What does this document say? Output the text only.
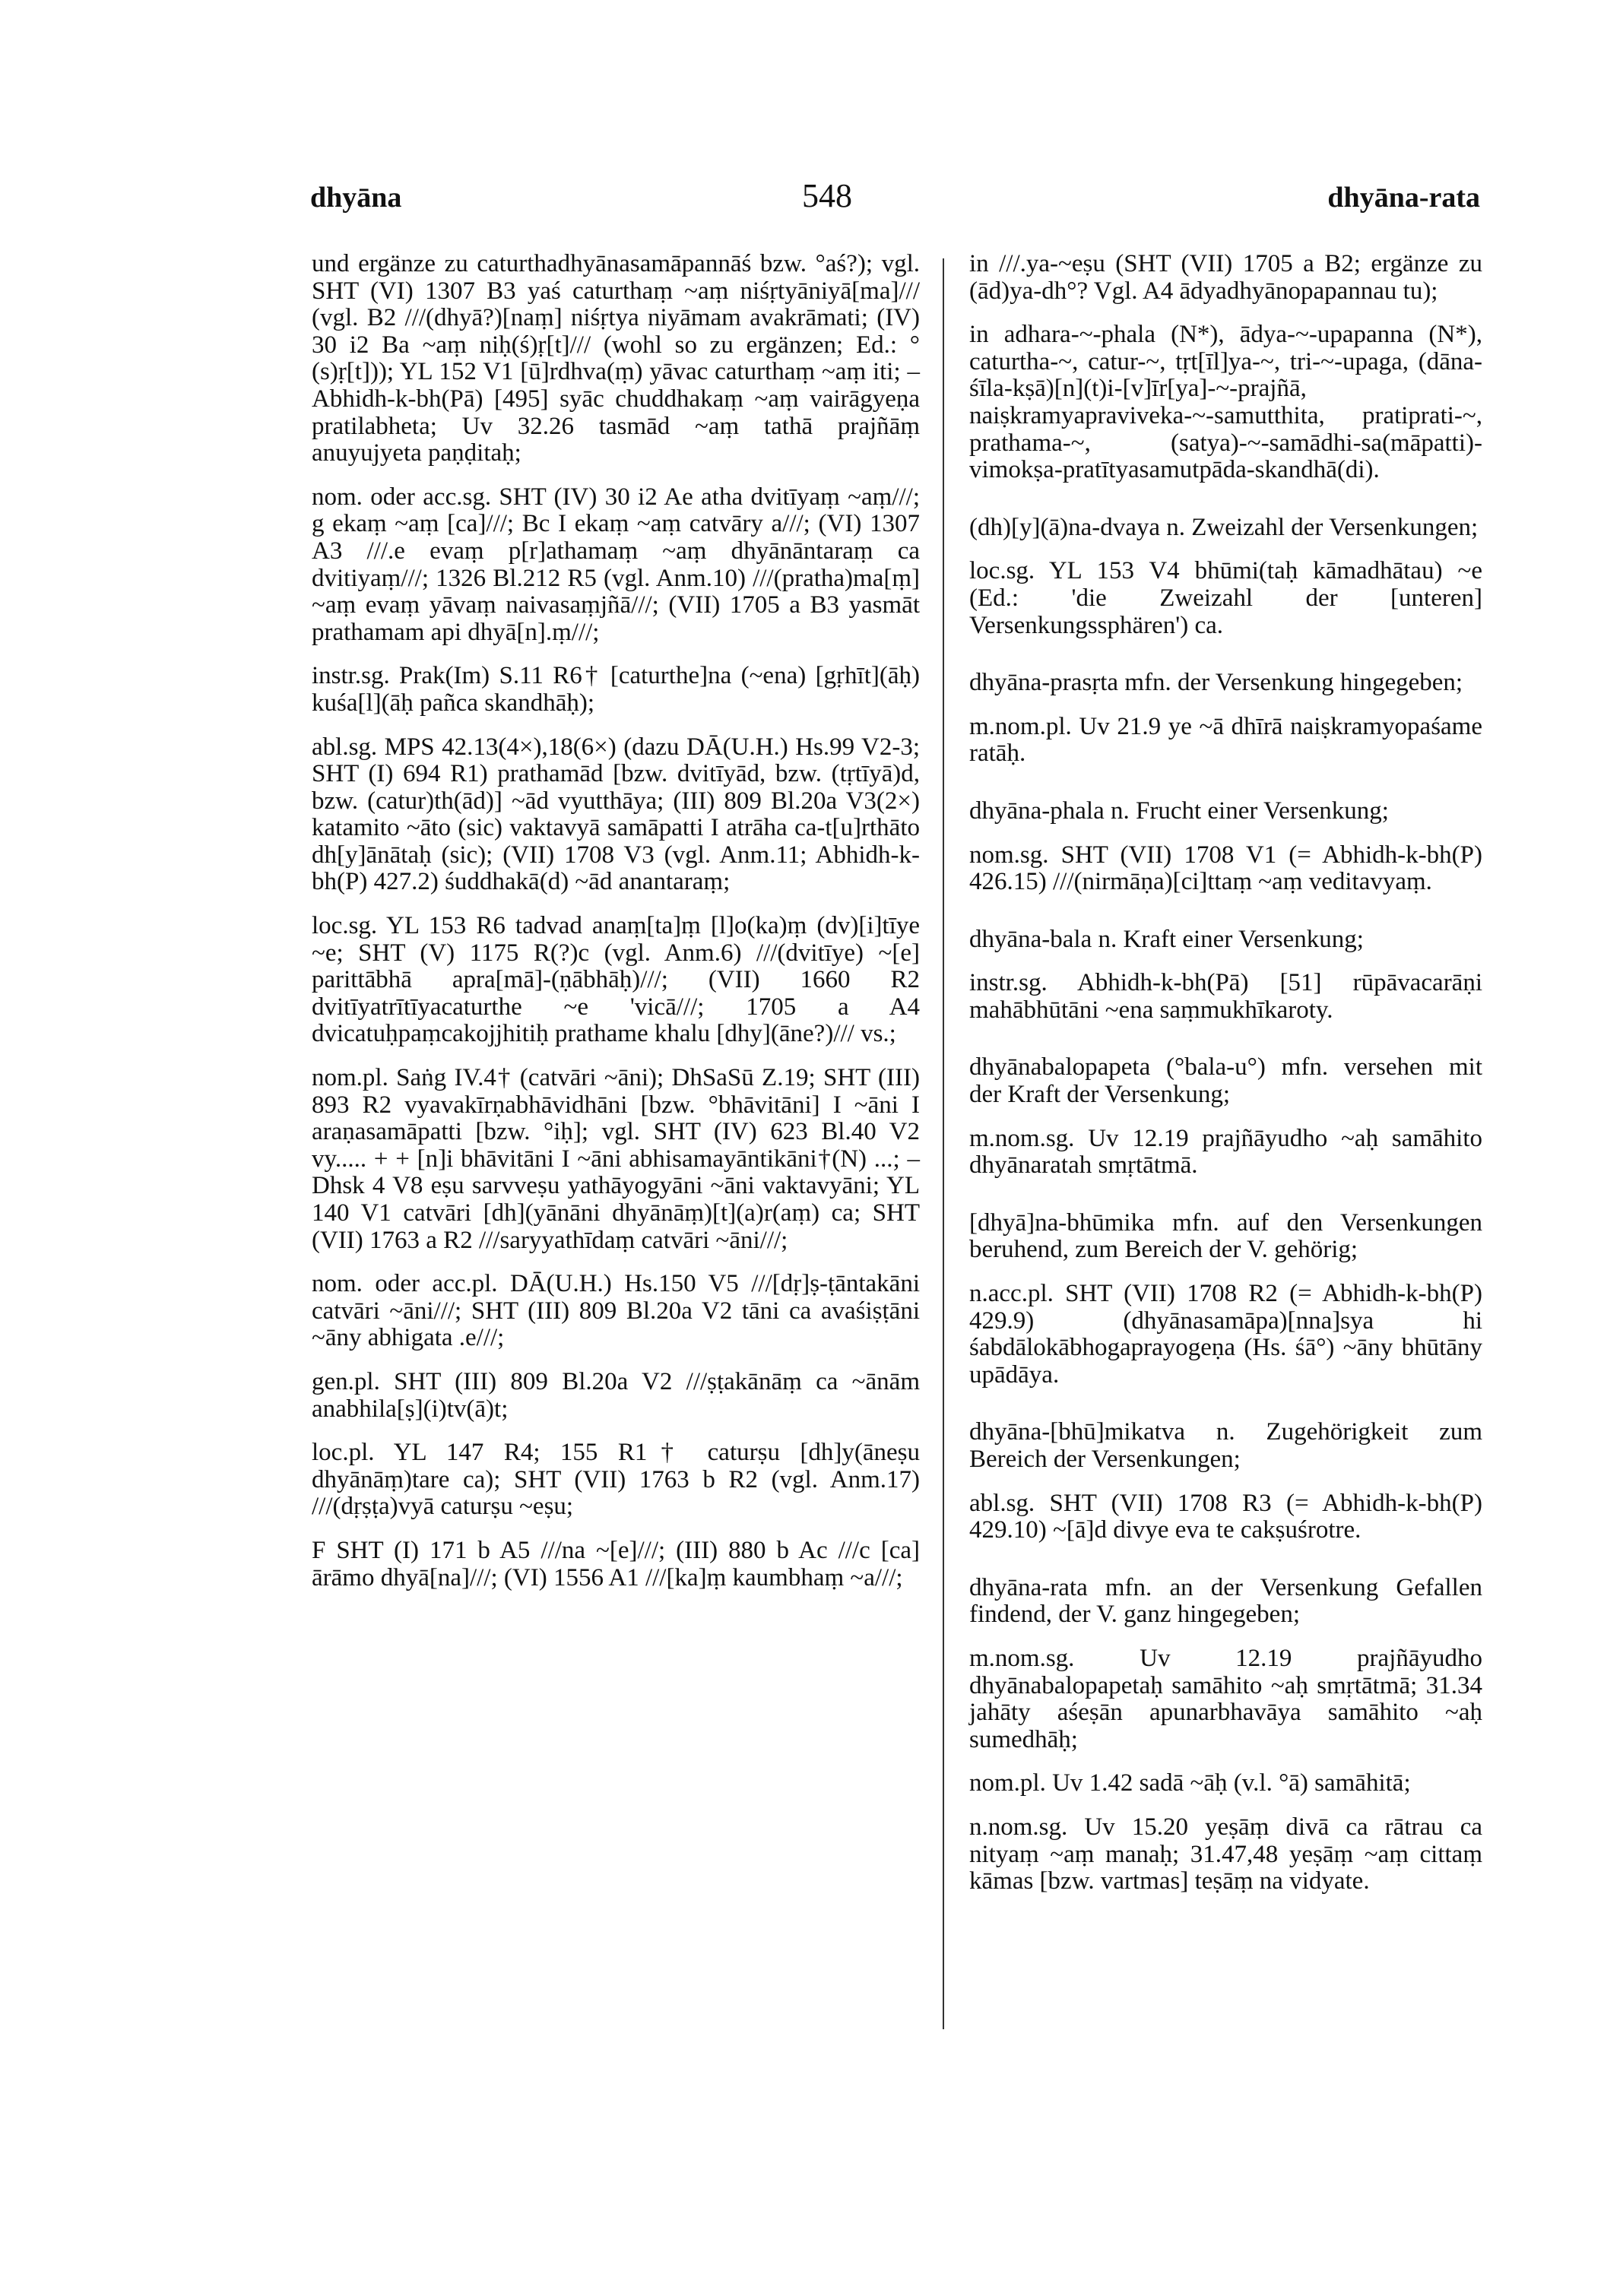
dhyāna	548	dhyāna-rata

und ergänze zu caturthadhyānasamāpannāś bzw. °aś?); vgl. SHT (VI) 1307 B3 yaś caturthaṃ ~aṃ niśṛtyāniyā[ma]/// (vgl. B2 ///(dhyā?)[naṃ] niśṛtya niyāmam avakrāmati; (IV) 30 i2 Ba ~aṃ niḥ(ś)ṛ[t]/// (wohl so zu ergänzen; Ed.: °(s)ṛ[t])); YL 152 V1 [ū]rdhva(ṃ) yāvac caturthaṃ ~aṃ iti; – Abhidh-k-bh(Pā) [495] syāc chuddhakaṃ ~aṃ vairāgyeṇa pratilabheta; Uv 32.26 tasmād ~aṃ tathā prajñāṃ anuyujyeta paṇḍitaḥ;

nom. oder acc.sg. SHT (IV) 30 i2 Ae atha dvitīyaṃ ~aṃ///; g ekaṃ ~aṃ [ca]///; Bc I ekaṃ ~aṃ catvāry a///; (VI) 1307 A3 ///.e evaṃ p[r]athamaṃ ~aṃ dhyānāntaraṃ ca dvitiyaṃ///; 1326 Bl.212 R5 (vgl. Anm.10) ///(pratha)ma[ṃ] ~aṃ evaṃ yāvaṃ naivasaṃjñā///; (VII) 1705 a B3 yasmāt prathamam api dhyā[n].ṃ///;

instr.sg. Prak(Im) S.11 R6† [caturthe]na (~ena) [gṛhīt](āḥ) kuśa[l](āḥ pañca skandhāḥ);

abl.sg. MPS 42.13(4×),18(6×) (dazu DĀ(U.H.) Hs.99 V2-3; SHT (I) 694 R1) prathamād [bzw. dvitīyād, bzw. (tṛtīyā)d, bzw. (catur)th(ād)] ~ād vyutthāya; (III) 809 Bl.20a V3(2×) katamito ~āto (sic) vaktavyā samāpatti I atrāha ca-t[u]rthāto dh[y]ānātaḥ (sic); (VII) 1708 V3 (vgl. Anm.11; Abhidh-k-bh(P) 427.2) śuddhakā(d) ~ād anantaraṃ;

loc.sg. YL 153 R6 tadvad anaṃ[ta]ṃ [l]o(ka)ṃ (dv)[i]tīye ~e; SHT (V) 1175 R(?)c (vgl. Anm.6) ///(dvitīye) ~[e] parittābhā apra[mā]-(ṇābhāḥ)///; (VII) 1660 R2 dvitīyatrītīyacaturthe ~e 'vicā///; 1705 a A4 dvicatuḥpaṃcakojjhitiḥ prathame khalu [dhy](āne?)/// vs.;

nom.pl. Saṅg IV.4† (catvāri ~āni); DhSaSū Z.19; SHT (III) 893 R2 vyavakīrṇabhāvidhāni [bzw. °bhāvitāni] I ~āni I araṇasamāpatti [bzw. °iḥ]; vgl. SHT (IV) 623 Bl.40 V2 vy..... + + [n]i bhāvitāni I ~āni abhisamayāntikāni†(N) ...; – Dhsk 4 V8 eṣu sarvveṣu yathāyogyāni ~āni vaktavyāni; YL 140 V1 catvāri [dh](yānāni dhyānāṃ)[t](a)r(aṃ) ca; SHT (VII) 1763 a R2 ///saryyathīdaṃ catvāri ~āni///;

nom. oder acc.pl. DĀ(U.H.) Hs.150 V5 ///[dṛ]ṣ-ṭāntakāni catvāri ~āni///; SHT (III) 809 Bl.20a V2 tāni ca avaśiṣṭāni ~āny abhigata .e///;

gen.pl. SHT (III) 809 Bl.20a V2 ///ṣṭakānāṃ ca ~ānām anabhila[ṣ](i)tv(ā)t;

loc.pl. YL 147 R4; 155 R1† caturṣu [dh]y(āneṣu dhyānāṃ)tare ca); SHT (VII) 1763 b R2 (vgl. Anm.17) ///(dṛṣṭa)vyā caturṣu ~eṣu;

F SHT (I) 171 b A5 ///na ~[e]///; (III) 880 b Ac ///c [ca] ārāmo dhyā[na]///; (VI) 1556 A1 ///[ka]ṃ kaumbhaṃ ~a///;

in ///.ya-~eṣu (SHT (VII) 1705 a B2; ergänze zu (ād)ya-dh°? Vgl. A4 ādyadhyānopapannau tu);

in adhara-~-phala (N*), ādya-~-upapanna (N*), caturtha-~, catur-~, tṛt[īl]ya-~, tri-~-upaga, (dāna-śīla-kṣā)[n](t)i-[v]īr[ya]-~-prajñā, naiṣkramyapraviveka-~-samutthita, pratiprati-~, prathama-~, (satya)-~-samādhi-sa(māpatti)-vimokṣa-pratītyasamutpāda-skandhā(di).

(dh)[y](ā)na-dvaya n. Zweizahl der Versenkungen;

loc.sg. YL 153 V4 bhūmi(taḥ kāmadhātau) ~e (Ed.: 'die Zweizahl der [unteren] Versenkungssphären') ca.

dhyāna-prasṛta mfn. der Versenkung hingegeben;

m.nom.pl. Uv 21.9 ye ~ā dhīrā naiṣkramyopaśame ratāḥ.

dhyāna-phala n. Frucht einer Versenkung;

nom.sg. SHT (VII) 1708 V1 (= Abhidh-k-bh(P) 426.15) ///(nirmāṇa)[ci]ttaṃ ~aṃ veditavyaṃ.

dhyāna-bala n. Kraft einer Versenkung;

instr.sg. Abhidh-k-bh(Pā) [51] rūpāvacarāṇi mahābhūtāni ~ena saṃmukhīkaroty.

dhyānabalopapeta (°bala-u°) mfn. versehen mit der Kraft der Versenkung;

m.nom.sg. Uv 12.19 prajñāyudho ~aḥ samāhito dhyānaratah smṛtātmā.

[dhyā]na-bhūmika mfn. auf den Versenkungen beruhend, zum Bereich der V. gehörig;

n.acc.pl. SHT (VII) 1708 R2 (= Abhidh-k-bh(P) 429.9) (dhyānasamāpa)[nna]sya hi śabdālokābhogaprayogeṇa (Hs. śā°) ~āny bhūtāny upādāya.

dhyāna-[bhū]mikatva n. Zugehörigkeit zum Bereich der Versenkungen;

abl.sg. SHT (VII) 1708 R3 (= Abhidh-k-bh(P) 429.10) ~[ā]d divye eva te cakṣuśrotre.

dhyāna-rata mfn. an der Versenkung Gefallen findend, der V. ganz hingegeben;

m.nom.sg. Uv 12.19 prajñāyudho dhyānabalopapetaḥ samāhito ~aḥ smṛtātmā; 31.34 jahāty aśeṣān apunarbhavāya samāhito ~aḥ sumedhāḥ;

nom.pl. Uv 1.42 sadā ~āḥ (v.l. °ā) samāhitā;

n.nom.sg. Uv 15.20 yeṣāṃ divā ca rātrau ca nityaṃ ~aṃ manaḥ; 31.47,48 yeṣāṃ ~aṃ cittaṃ kāmas [bzw. vartmas] teṣāṃ na vidyate.
